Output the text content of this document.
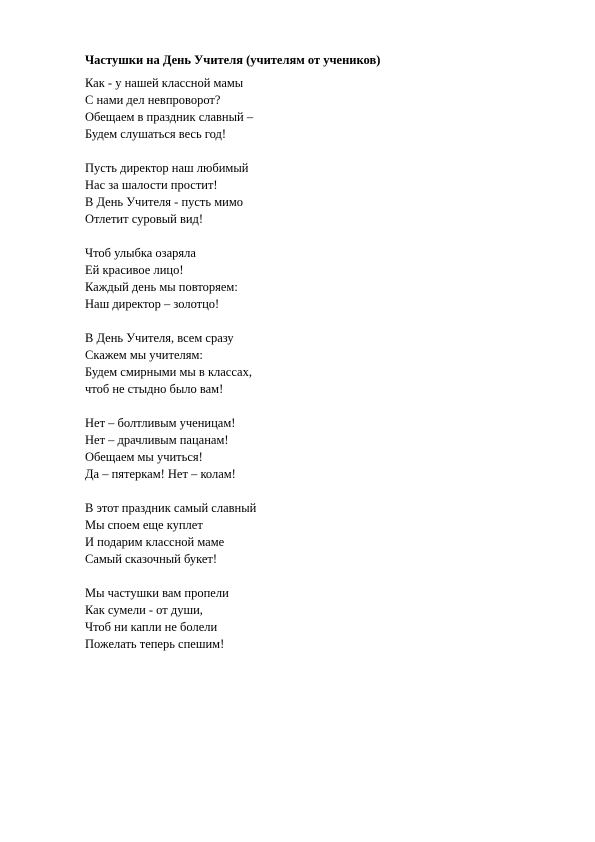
Частушки на День Учителя (учителям от учеников)
Как - у нашей классной мамы
С нами дел невпроворот?
Обещаем в праздник славный –
Будем слушаться весь год!
Пусть директор наш любимый
Нас за шалости простит!
В День Учителя - пусть мимо
Отлетит суровый вид!
Чтоб улыбка озаряла
Ей красивое лицо!
Каждый день мы повторяем:
Наш директор – золотцо!
В День Учителя, всем сразу
Скажем мы учителям:
Будем смирными мы в классах,
чтоб не стыдно было вам!
Нет – болтливым ученицам!
Нет – драчливым пацанам!
Обещаем мы учиться!
Да – пятеркам! Нет – колам!
В этот праздник самый славный
Мы споем еще куплет
И подарим классной маме
Самый сказочный букет!
Мы частушки вам пропели
Как сумели - от души,
Чтоб ни капли не болели
Пожелать теперь спешим!
